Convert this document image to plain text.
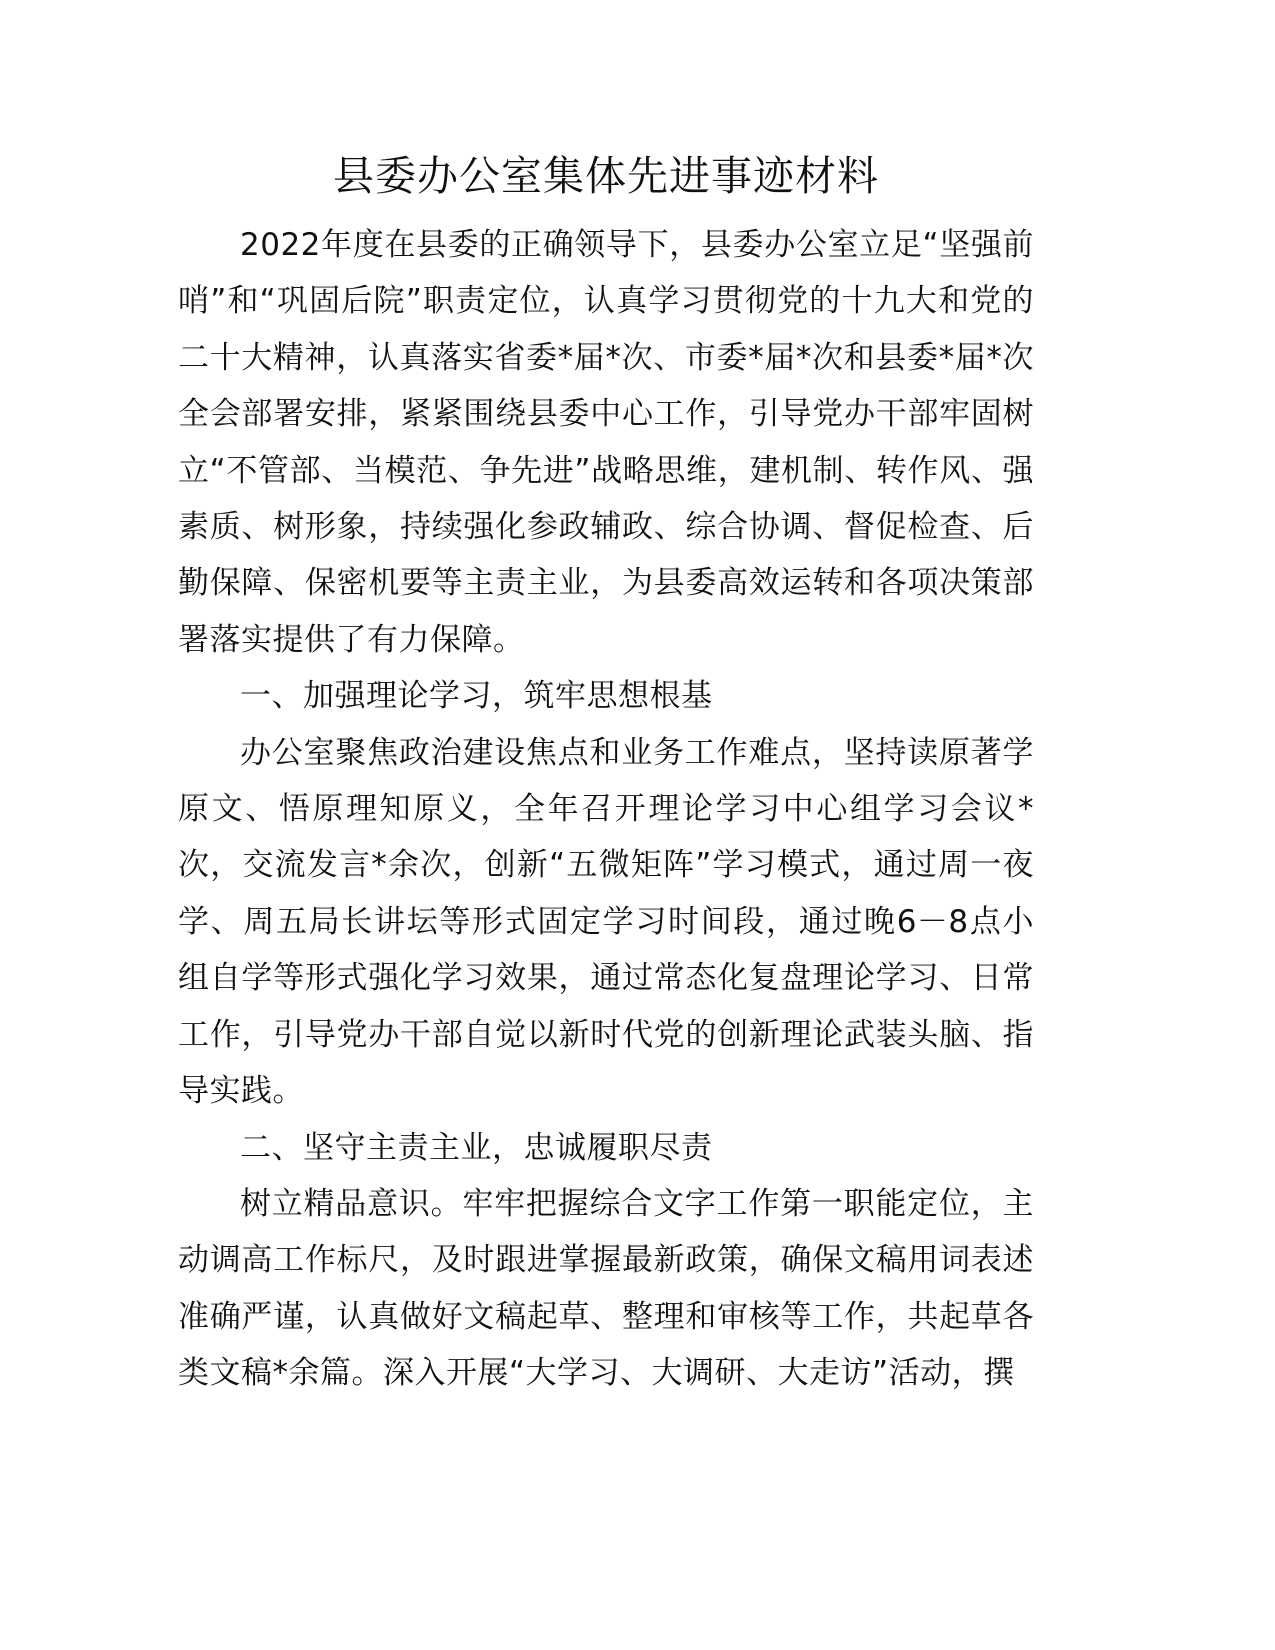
县委办公室集体先进事迹材料

2022年度在县委的正确领导下，县委办公室立足“坚强前哨”和“巩固后院”职责定位，认真学习贯彻党的十九大和党的二十大精神，认真落实省委*届*次、市委*届*次和县委*届*次全会部署安排，紧紧围绕县委中心工作，引导党办干部牢固树立“不管部、当模范、争先进”战略思维，建机制、转作风、强素质、树形象，持续强化参政辅政、综合协调、督促检查、后勤保障、保密机要等主责主业，为县委高效运转和各项决策部署落实提供了有力保障。

一、加强理论学习，筑牢思想根基

办公室聚焦政治建设焦点和业务工作难点，坚持读原著学原文、悟原理知原义，全年召开理论学习中心组学习会议*次，交流发言*余次，创新“五微矩阵”学习模式，通过周一夜学、周五局长讲坛等形式固定学习时间段，通过晚6－8点小组自学等形式强化学习效果，通过常态化复盘理论学习、日常工作，引导党办干部自觉以新时代党的创新理论武装头脑、指导实践。

二、坚守主责主业，忠诚履职尽责

树立精品意识。牢牢把握综合文字工作第一职能定位，主动调高工作标尺，及时跟进掌握最新政策，确保文稿用词表述准确严谨，认真做好文稿起草、整理和审核等工作，共起草各类文稿*余篇。深入开展“大学习、大调研、大走访”活动，撰
